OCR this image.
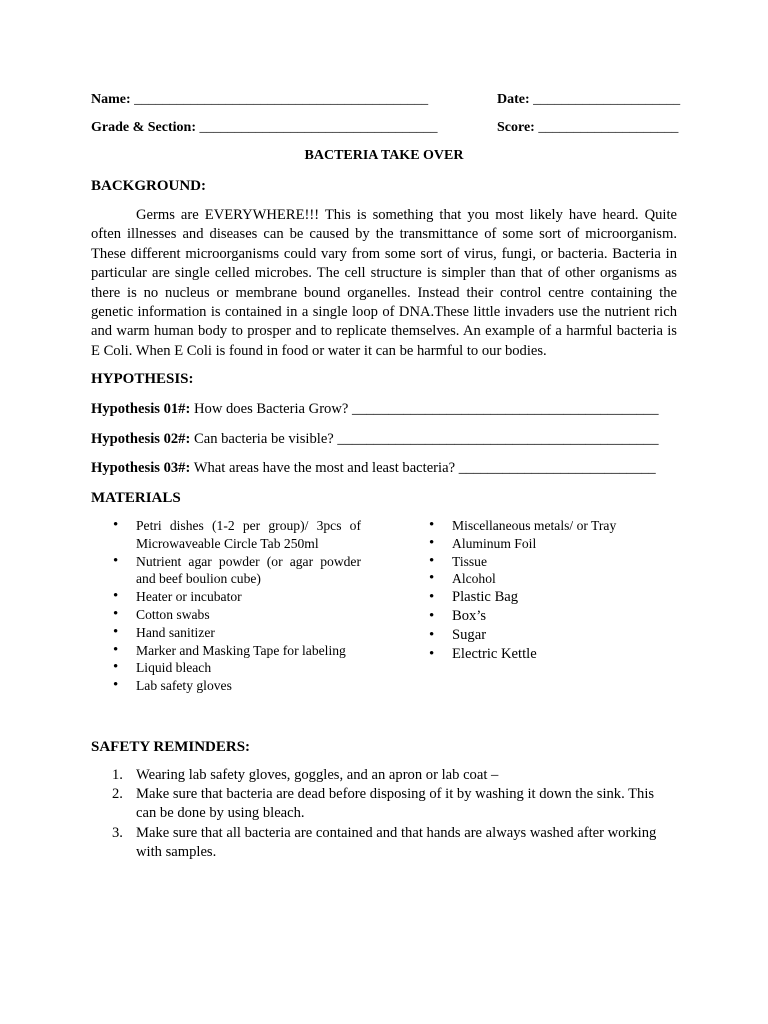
Name: __________________________________________	Date: _____________________
Grade & Section: __________________________________	Score: ____________________
BACTERIA TAKE OVER
BACKGROUND:

Germs are EVERYWHERE!!! This is something that you most likely have heard. Quite often illnesses and diseases can be caused by the transmittance of some sort of microorganism. These different microorganisms could vary from some sort of virus, fungi, or bacteria. Bacteria in particular are single celled microbes. The cell structure is simpler than that of other organisms as there is no nucleus or membrane bound organelles. Instead their control centre containing the genetic information is contained in a single loop of DNA.These little invaders use the nutrient rich and warm human body to prosper and to replicate themselves. An example of a harmful bacteria is E Coli. When E Coli is found in food or water it can be harmful to our bodies.

HYPOTHESIS:
Hypothesis 01#: How does Bacteria Grow? __________________________________________
Hypothesis 02#: Can bacteria be visible? ____________________________________________
Hypothesis 03#: What areas have the most and least bacteria? ___________________________
MATERIALS
• Petri dishes (1-2 per group)/ 3pcs of Microwaveable Circle Tab 250ml
• Nutrient agar powder (or agar powder and beef boulion cube)
• Heater or incubator
• Cotton swabs
• Hand sanitizer
• Marker and Masking Tape for labeling
• Liquid bleach
• Lab safety gloves
• Miscellaneous metals/ or Tray
• Aluminum Foil
• Tissue
• Alcohol
• Plastic Bag
• Box’s
• Sugar
• Electric Kettle
SAFETY REMINDERS:
1. Wearing lab safety gloves, goggles, and an apron or lab coat –
2. Make sure that bacteria are dead before disposing of it by washing it down the sink. This can be done by using bleach.
3. Make sure that all bacteria are contained and that hands are always washed after working with samples.
